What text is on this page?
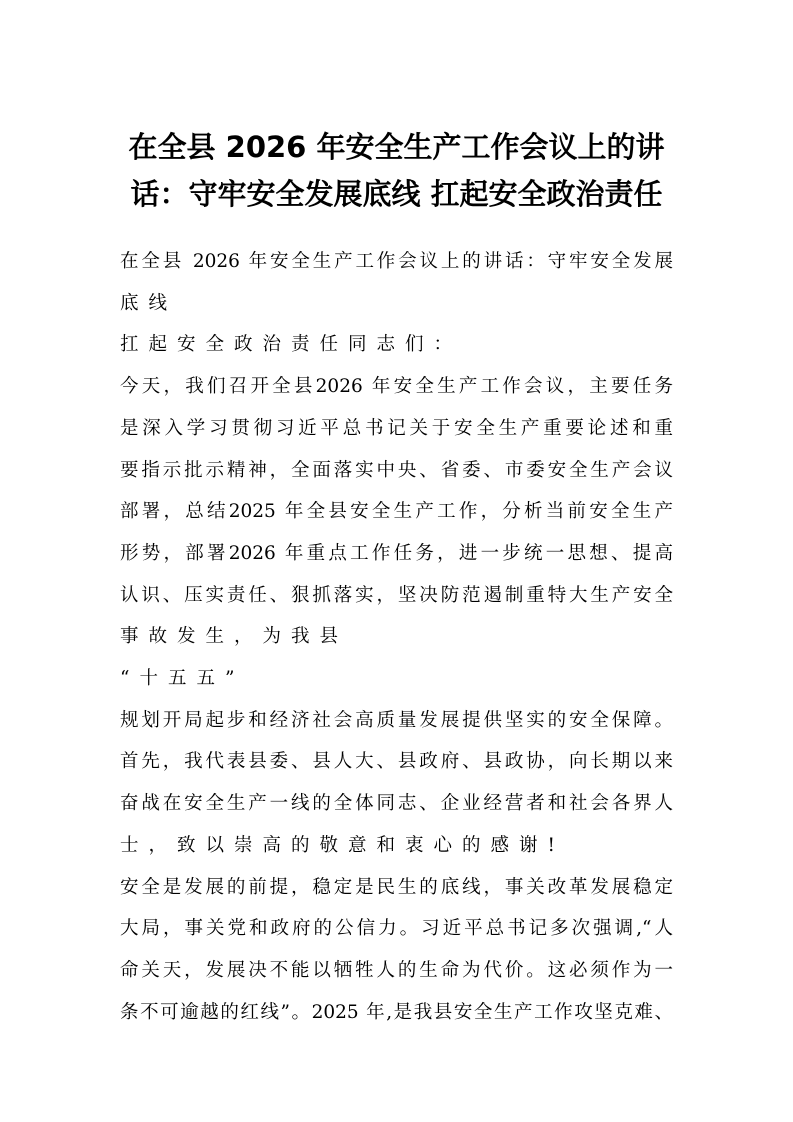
在全县 2026 年安全生产工作会议上的讲
话：守牢安全发展底线 扛起安全政治责任
在全县 2026 年安全生产工作会议上的讲话：守牢安全发展
底线
扛起安全政治责任同志们：
今天，我们召开全县2026 年安全生产工作会议，主要任务
是深入学习贯彻习近平总书记关于安全生产重要论述和重
要指示批示精神，全面落实中央、省委、市委安全生产会议
部署，总结2025 年全县安全生产工作，分析当前安全生产
形势，部署2026 年重点工作任务，进一步统一思想、提高
认识、压实责任、狠抓落实，坚决防范遏制重特大生产安全
事故发生，为我县
“十五五”
规划开局起步和经济社会高质量发展提供坚实的安全保障。
首先，我代表县委、县人大、县政府、县政协，向长期以来
奋战在安全生产一线的全体同志、企业经营者和社会各界人
士，致以崇高的敬意和衷心的感谢!
安全是发展的前提，稳定是民生的底线，事关改革发展稳定
大局，事关党和政府的公信力。习近平总书记多次强调,“人
命关天，发展决不能以牺牲人的生命为代价。这必须作为一
条不可逾越的红线”。2025 年,是我县安全生产工作攻坚克难、
